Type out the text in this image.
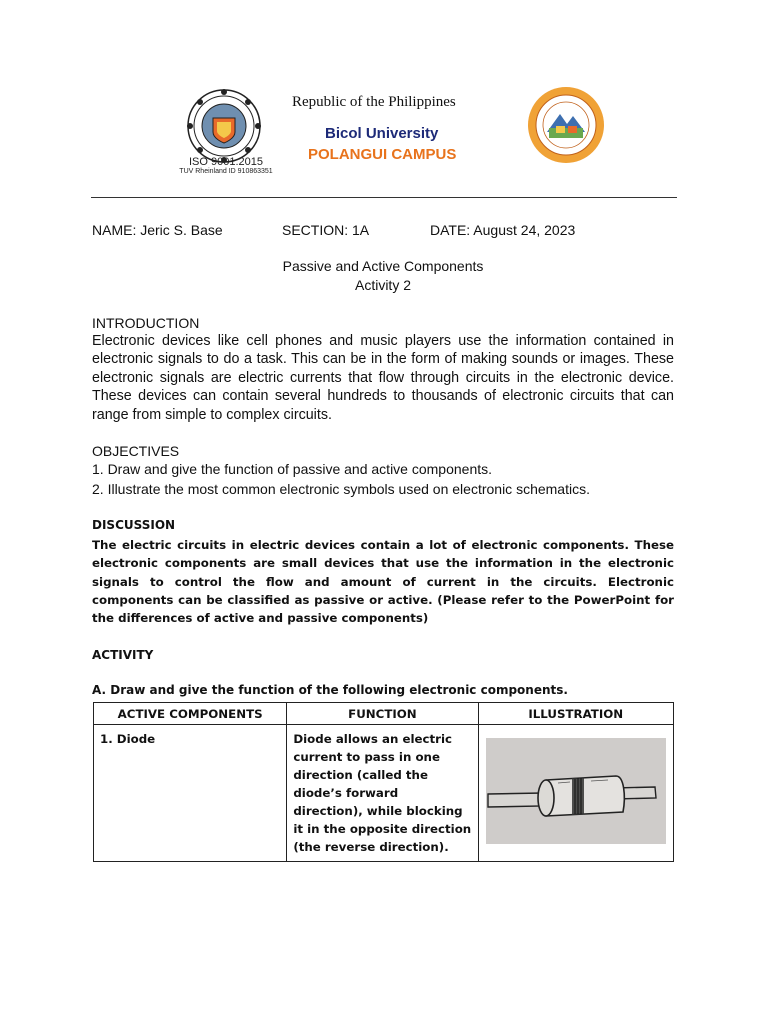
ISO 9001:2015
TUV Rheinland ID 910863351
Republic of the Philippines
Bicol University
POLANGUI CAMPUS
NAME: Jeric S. Base	SECTION: 1A	DATE: August 24, 2023
Passive and Active Components
Activity 2
INTRODUCTION
Electronic devices like cell phones and music players use the information contained in electronic signals to do a task. This can be in the form of making sounds or images. These electronic signals are electric currents that flow through circuits in the electronic device. These devices can contain several hundreds to thousands of electronic circuits that can range from simple to complex circuits.
OBJECTIVES
1. Draw and give the function of passive and active components.
2. Illustrate the most common electronic symbols used on electronic schematics.
DISCUSSION
The electric circuits in electric devices contain a lot of electronic components. These electronic components are small devices that use the information in the electronic signals to control the flow and amount of current in the circuits. Electronic components can be classified as passive or active. (Please refer to the PowerPoint for the differences of active and passive components)
ACTIVITY
A. Draw and give the function of the following electronic components.
ACTIVE COMPONENTS	FUNCTION	ILLUSTRATION
1. Diode	Diode allows an electric current to pass in one direction (called the diode’s forward direction), while blocking it in the opposite direction (the reverse direction).	
